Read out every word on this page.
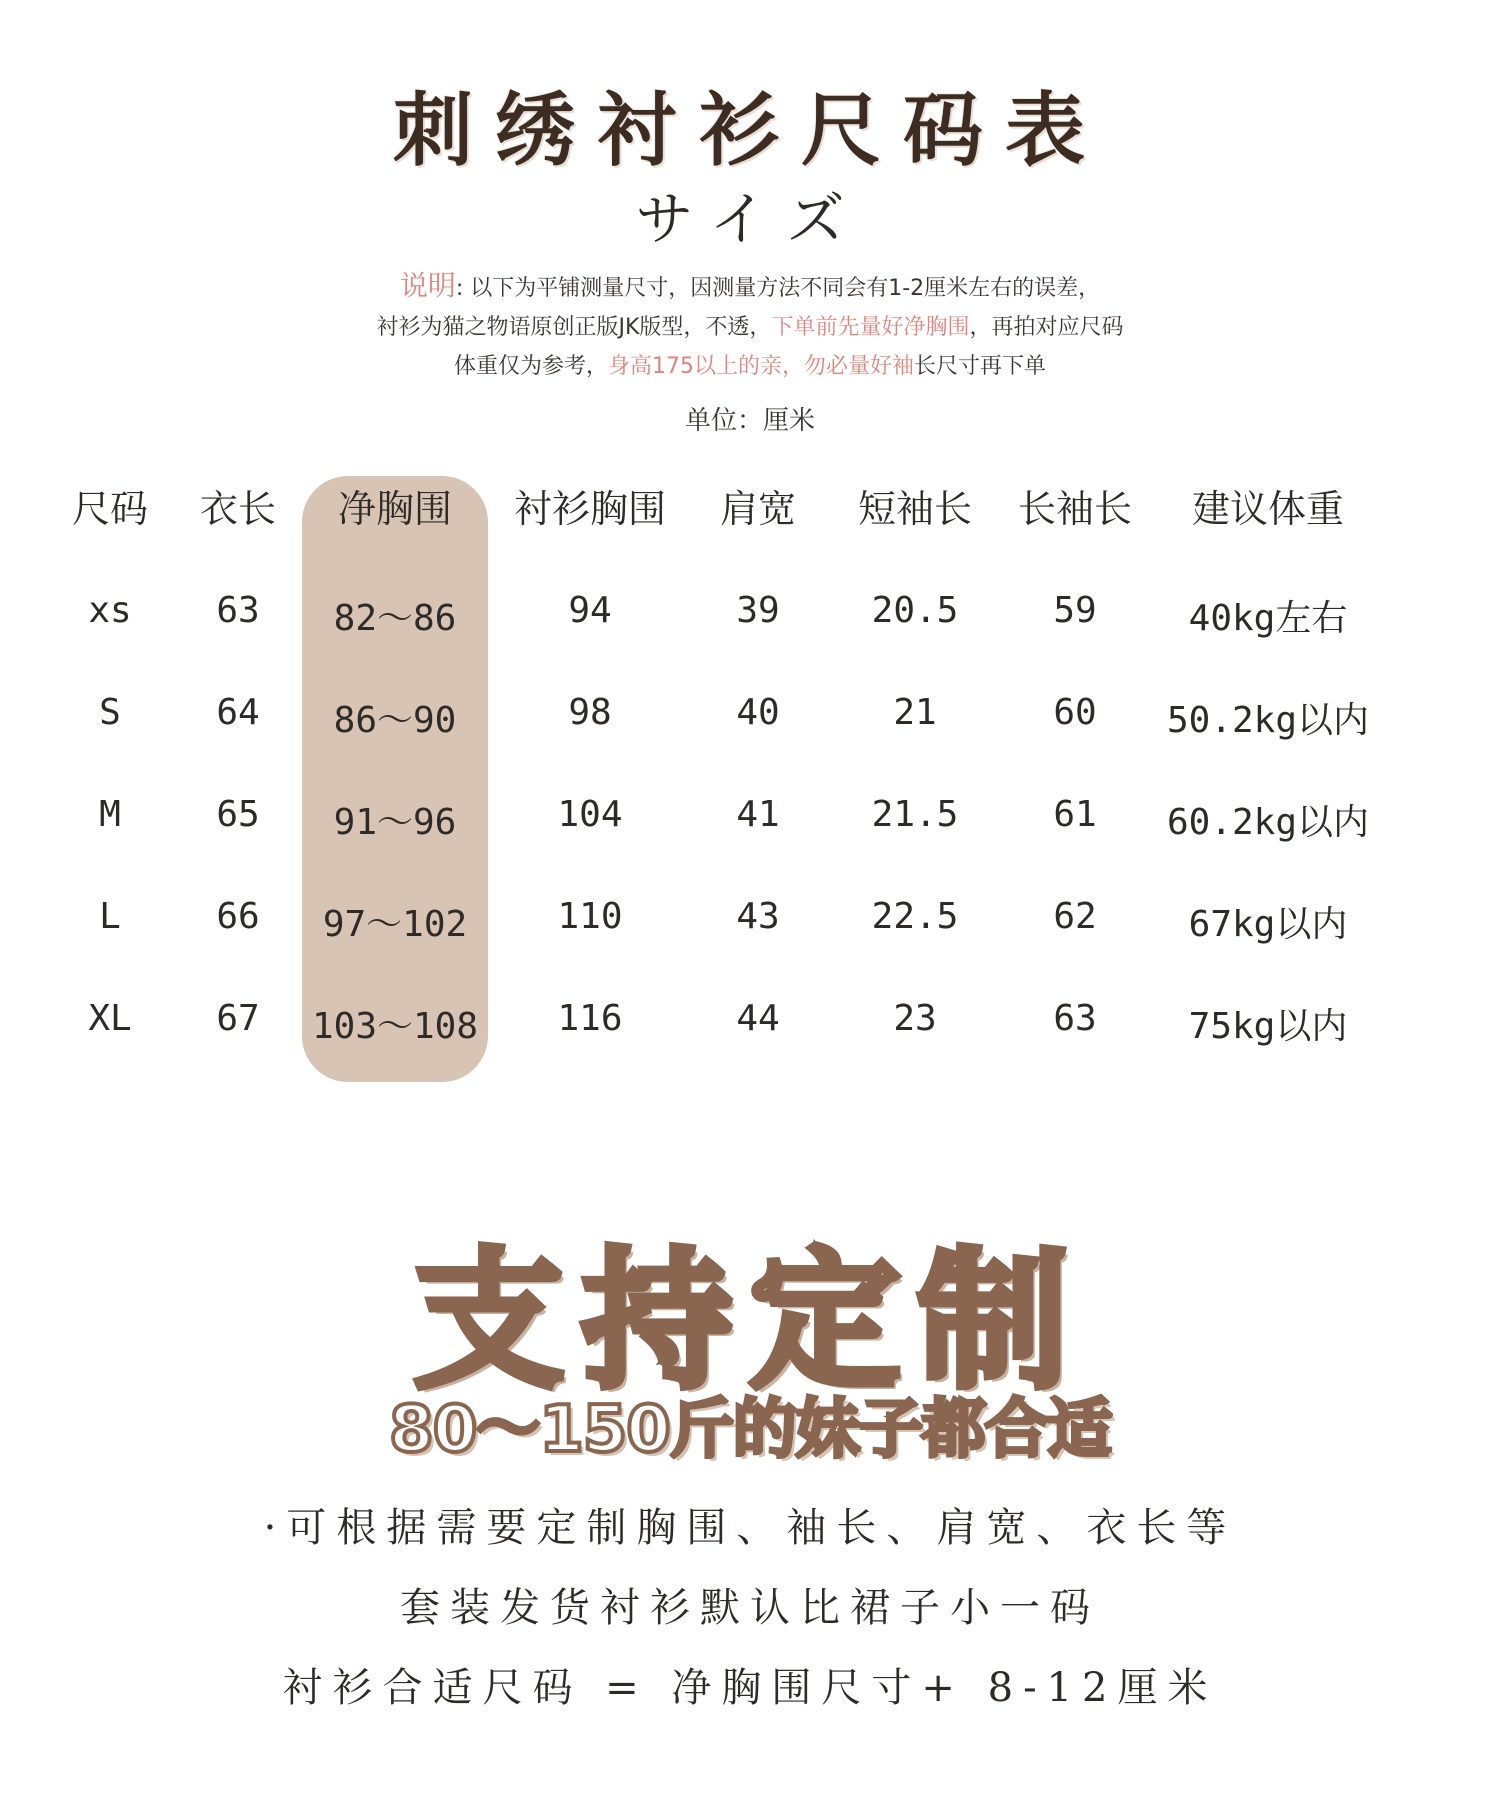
刺绣衬衫尺码表
サイズ
说明: 以下为平铺测量尺寸，因测量方法不同会有1-2厘米左右的误差，
衬衫为猫之物语原创正版JK版型，不透，下单前先量好净胸围，再拍对应尺码
体重仅为参考，身高175以上的亲，勿必量好袖长尺寸再下单
单位：厘米
尺码 衣长 净胸围 衬衫胸围 肩宽 短袖长 长袖长 建议体重
xs 63 82～86	94	39	20.5	59	40kg左右
S	64 86～90	98	40	21	60 50.2kg以内
M	65 91～96	104	41	21.5	61 60.2kg以内
L	66 97～102	110	43	22.5	62	67kg以内
XL 67 103～108 116	44	23	63	75kg以内
支持定制
80～150斤的妹子都合适
·可根据需要定制胸围、袖长、肩宽、衣长等
套装发货衬衫默认比裙子小一码
衬衫合适尺码 = 净胸围尺寸+ 8-12厘米
